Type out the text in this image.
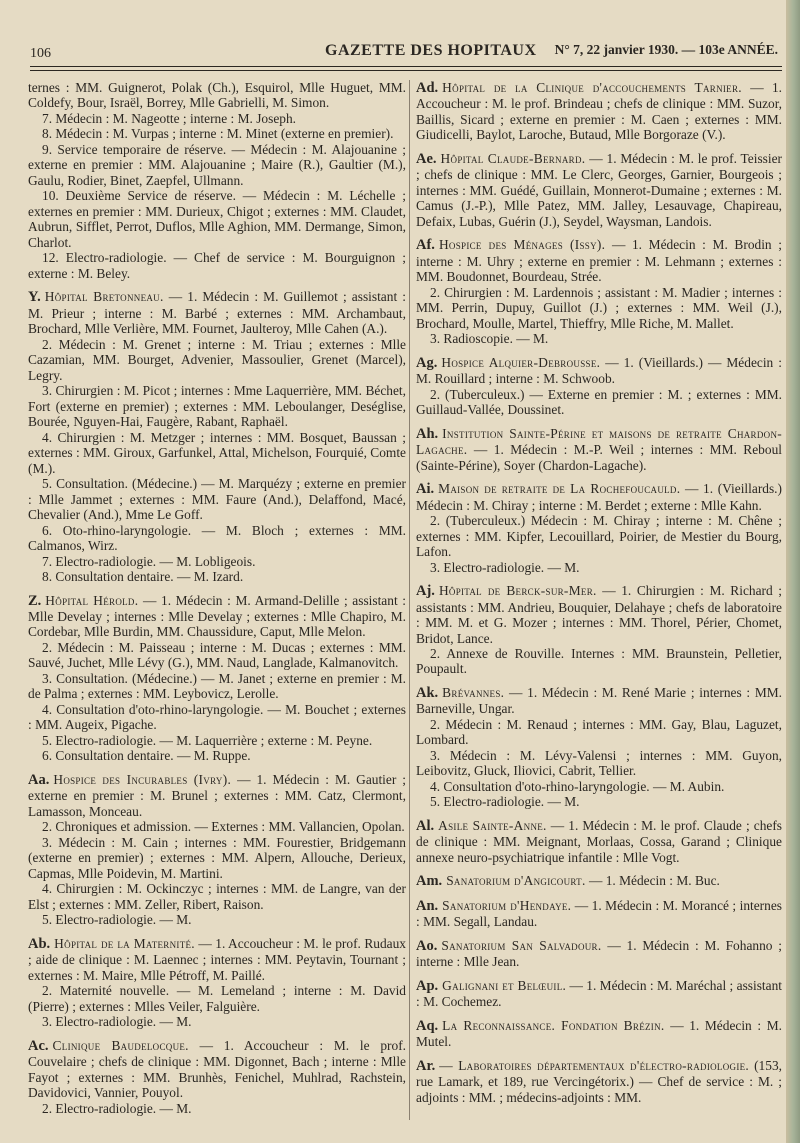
106	GAZETTE DES HOPITAUX N° 7, 22 janvier 1930. — 103e ANNÉE.
ternes : MM. Guignerot, Polak (Ch.), Esquirol, Mlle Huguet, MM. Coldefy, Bour, Israël, Borrey, Mlle Gabrielli, M. Simon.
7. Médecin : M. Nageotte ; interne : M. Joseph.
8. Médecin : M. Vurpas ; interne : M. Minet (externe en premier).
9. Service temporaire de réserve. — Médecin : M. Alajouanine ; externe en premier : MM. Alajouanine ; Maire (R.), Gaultier (M.), Gaulu, Rodier, Binet, Zaepfel, Ullmann.
10. Deuxième Service de réserve. — Médecin : M. Léchelle ; externes en premier : MM. Durieux, Chigot ; externes : MM. Claudet, Aubrun, Sifflet, Perrot, Duflos, Mlle Aghion, MM. Dermange, Simon, Charlot.
12. Electro-radiologie. — Chef de service : M. Bourguignon ; externe : M. Beley.
Y. Hôpital Bretonneau. — 1. Médecin : M. Guillemot ; assistant : M. Prieur ; interne : M. Barbé ; externes : MM. Archambaut, Brochard, Mlle Verlière, MM. Fournet, Jaulteroy, Mlle Cahen (A.).
2. Médecin : M. Grenet ; interne : M. Triau ; externes : Mlle Cazamian, MM. Bourget, Advenier, Massoulier, Grenet (Marcel), Legry.
3. Chirurgien : M. Picot ; internes : Mme Laquerrière, MM. Béchet, Fort (externe en premier) ; externes : MM. Leboulanger, Deséglise, Bourée, Nguyen-Hai, Faugère, Rabant, Raphaël.
4. Chirurgien : M. Metzger ; internes : MM. Bosquet, Baussan ; externes : MM. Giroux, Garfunkel, Attal, Michelson, Fourquié, Comte (M.).
5. Consultation. (Médecine.) — M. Marquézy ; externe en premier : Mlle Jammet ; externes : MM. Faure (And.), Delaffond, Macé, Chevalier (And.), Mme Le Goff.
6. Oto-rhino-laryngologie. — M. Bloch ; externes : MM. Calmanos, Wirz.
7. Electro-radiologie. — M. Lobligeois.
8. Consultation dentaire. — M. Izard.
Z. Hôpital Hérold. — 1. Médecin : M. Armand-Delille ; assistant : Mlle Develay ; internes : Mlle Develay ; externes : Mlle Chapiro, M. Cordebar, Mlle Burdin, MM. Chaussidure, Caput, Mlle Melon.
2. Médecin : M. Paisseau ; interne : M. Ducas ; externes : MM. Sauvé, Juchet, Mlle Lévy (G.), MM. Naud, Langlade, Kalmanovitch.
3. Consultation. (Médecine.) — M. Janet ; externe en premier : M. de Palma ; externes : MM. Leybovicz, Lerolle.
4. Consultation d'oto-rhino-laryngologie. — M. Bouchet ; externes : MM. Augeix, Pigache.
5. Electro-radiologie. — M. Laquerrière ; externe : M. Peyne.
6. Consultation dentaire. — M. Ruppe.
Aa. Hospice des Incurables (Ivry). — 1. Médecin : M. Gautier ; externe en premier : M. Brunel ; externes : MM. Catz, Clermont, Lamasson, Monceau.
2. Chroniques et admission. — Externes : MM. Vallancien, Opolan.
3. Médecin : M. Cain ; internes : MM. Fourestier, Bridgemann (externe en premier) ; externes : MM. Alpern, Allouche, Derieux, Capmas, Mlle Poidevin, M. Martini.
4. Chirurgien : M. Ockinczyc ; internes : MM. de Langre, van der Elst ; externes : MM. Zeller, Ribert, Raison.
5. Electro-radiologie. — M.
Ab. Hôpital de la Maternité. — 1. Accoucheur : M. le prof. Rudaux ; aide de clinique : M. Laennec ; internes : MM. Peytavin, Tournant ; externes : M. Maire, Mlle Pétroff, M. Paillé.
2. Maternité nouvelle. — M. Lemeland ; interne : M. David (Pierre) ; externes : Mlles Veiler, Falguière.
3. Electro-radiologie. — M.
Ac. Clinique Baudelocque. — 1. Accoucheur : M. le prof. Couvelaire ; chefs de clinique : MM. Digonnet, Bach ; interne : Mlle Fayot ; externes : MM. Brunhès, Fenichel, Muhlrad, Rachstein, Davidovici, Vannier, Pouyol.
2. Electro-radiologie. — M.
Ad. Hôpital de la Clinique d'accouchements Tarnier. — 1. Accoucheur : M. le prof. Brindeau ; chefs de clinique : MM. Suzor, Baillis, Sicard ; externe en premier : M. Caen ; externes : MM. Giudicelli, Baylot, Laroche, Butaud, Mlle Borgoraze (V.).
Ae. Hôpital Claude-Bernard. — 1. Médecin : M. le prof. Teissier ; chefs de clinique : MM. Le Clerc, Georges, Garnier, Bourgeois ; internes : MM. Guédé, Guillain, Monnerot-Dumaine ; externes : M. Camus (J.-P.), Mlle Patez, MM. Jalley, Lesauvage, Chapireau, Defaix, Lubas, Guérin (J.), Seydel, Waysman, Landois.
Af. Hospice des Ménages (Issy). — 1. Médecin : M. Brodin ; interne : M. Uhry ; externe en premier : M. Lehmann ; externes : MM. Boudonnet, Bourdeau, Strée.
2. Chirurgien : M. Lardennois ; assistant : M. Madier ; internes : MM. Perrin, Dupuy, Guillot (J.) ; externes : MM. Weil (J.), Brochard, Moulle, Martel, Thieffry, Mlle Riche, M. Mallet.
3. Radioscopie. — M.
Ag. Hospice Alquier-Debrousse. — 1. (Vieillards.) — Médecin : M. Rouillard ; interne : M. Schwoob.
2. (Tuberculeux.) — Externe en premier : M. ; externes : MM. Guillaud-Vallée, Doussinet.
Ah. Institution Sainte-Périne et maisons de retraite Chardon-Lagache. — 1. Médecin : M.-P. Weil ; internes : MM. Reboul (Sainte-Périne), Soyer (Chardon-Lagache).
Ai. Maison de retraite de La Rochefoucauld. — 1. (Vieillards.) Médecin : M. Chiray ; interne : M. Berdet ; externe : Mlle Kahn.
2. (Tuberculeux.) Médecin : M. Chiray ; interne : M. Chêne ; externes : MM. Kipfer, Lecouillard, Poirier, de Mestier du Bourg, Lafon.
3. Electro-radiologie. — M.
Aj. Hôpital de Berck-sur-Mer. — 1. Chirurgien : M. Richard ; assistants : MM. Andrieu, Bouquier, Delahaye ; chefs de laboratoire : MM. M. et G. Mozer ; internes : MM. Thorel, Périer, Chomet, Bridot, Lance.
2. Annexe de Rouville. Internes : MM. Braunstein, Pelletier, Poupault.
Ak. Brévannes. — 1. Médecin : M. René Marie ; internes : MM. Barneville, Ungar.
2. Médecin : M. Renaud ; internes : MM. Gay, Blau, Laguzet, Lombard.
3. Médecin : M. Lévy-Valensi ; internes : MM. Guyon, Leibovitz, Gluck, Iliovici, Cabrit, Tellier.
4. Consultation d'oto-rhino-laryngologie. — M. Aubin.
5. Electro-radiologie. — M.
Al. Asile Sainte-Anne. — 1. Médecin : M. le prof. Claude ; chefs de clinique : MM. Meignant, Morlaas, Cossa, Garand ; Clinique annexe neuro-psychiatrique infantile : Mlle Vogt.
Am. Sanatorium d'Angicourt. — 1. Médecin : M. Buc.
An. Sanatorium d'Hendaye. — 1. Médecin : M. Morancé ; internes : MM. Segall, Landau.
Ao. Sanatorium San Salvadour. — 1. Médecin : M. Fohanno ; interne : Mlle Jean.
Ap. Galignani et Belœuil. — 1. Médecin : M. Maréchal ; assistant : M. Cochemez.
Aq. La Reconnaissance. Fondation Brézin. — 1. Médecin : M. Mutel.
Ar. — Laboratoires départementaux d'électro-radiologie. (153, rue Lamark, et 189, rue Vercingétorix.) — Chef de service : M. ; adjoints : MM. ; médecins-adjoints : MM.
